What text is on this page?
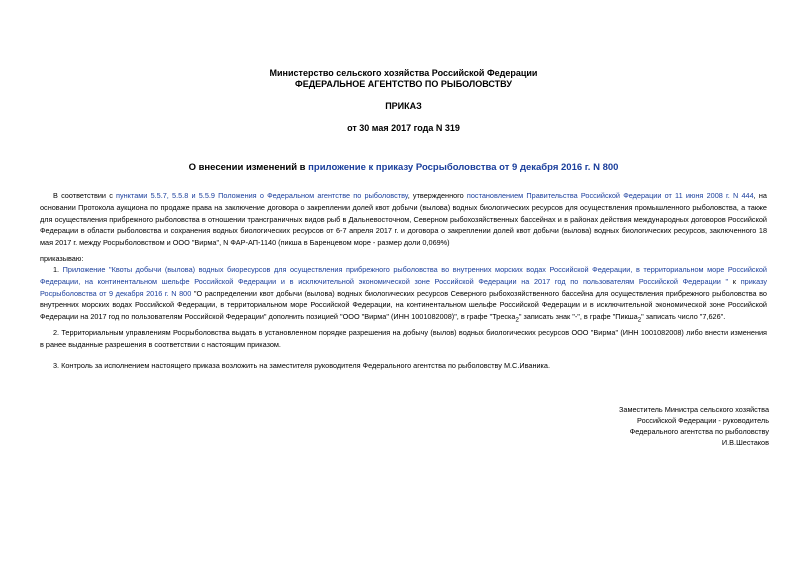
Министерство сельского хозяйства Российской Федерации
ФЕДЕРАЛЬНОЕ АГЕНТСТВО ПО РЫБОЛОВСТВУ
ПРИКАЗ
от 30 мая 2017 года N 319
О внесении изменений в приложение к приказу Росрыболовства от 9 декабря 2016 г. N 800
В соответствии с пунктами 5.5.7, 5.5.8 и 5.5.9 Положения о Федеральном агентстве по рыболовству, утвержденного постановлением Правительства Российской Федерации от 11 июня 2008 г. N 444, на основании Протокола аукциона по продаже права на заключение договора о закреплении долей квот добычи (вылова) водных биологических ресурсов для осуществления промышленного рыболовства, а также для осуществления прибрежного рыболовства в отношении трансграничных видов рыб в Дальневосточном, Северном рыбохозяйственных бассейнах и в районах действия международных договоров Российской Федерации в области рыболовства и сохранения водных биологических ресурсов от 6-7 апреля 2017 г. и договора о закреплении долей квот добычи (вылова) водных биологических ресурсов, заключенного 18 мая 2017 г. между Росрыболовством и ООО "Вирма", N ФАР-АП-1140 (пикша в Баренцевом море - размер доли 0,069%)
приказываю:
1. Приложение "Квоты добычи (вылова) водных биоресурсов для осуществления прибрежного рыболовства во внутренних морских водах Российской Федерации, в территориальном море Российской Федерации, на континентальном шельфе Российской Федерации и в исключительной экономической зоне Российской Федерации на 2017 год по пользователям Российской Федерации " к приказу Росрыболовства от 9 декабря 2016 г. N 800 "О распределении квот добычи (вылова) водных биологических ресурсов Северного рыбохозяйственного бассейна для осуществления прибрежного рыболовства во внутренних морских водах Российской Федерации, в территориальном море Российской Федерации, на континентальном шельфе Российской Федерации и в исключительной экономической зоне Российской Федерации на 2017 год по пользователям Российской Федерации" дополнить позицией "ООО "Вирма" (ИНН 1001082008)", в графе "Треска$_2$" записать знак "-", в графе "Пикша$_2$" записать число "7,626".
2. Территориальным управлениям Росрыболовства выдать в установленном порядке разрешения на добычу (вылов) водных биологических ресурсов ООО "Вирма" (ИНН 1001082008) либо внести изменения в ранее выданные разрешения в соответствии с настоящим приказом.
3. Контроль за исполнением настоящего приказа возложить на заместителя руководителя Федерального агентства по рыболовству М.С.Иваника.
Заместитель Министра сельского хозяйства
Российской Федерации - руководитель
Федерального агентства по рыболовству
И.В.Шестаков
